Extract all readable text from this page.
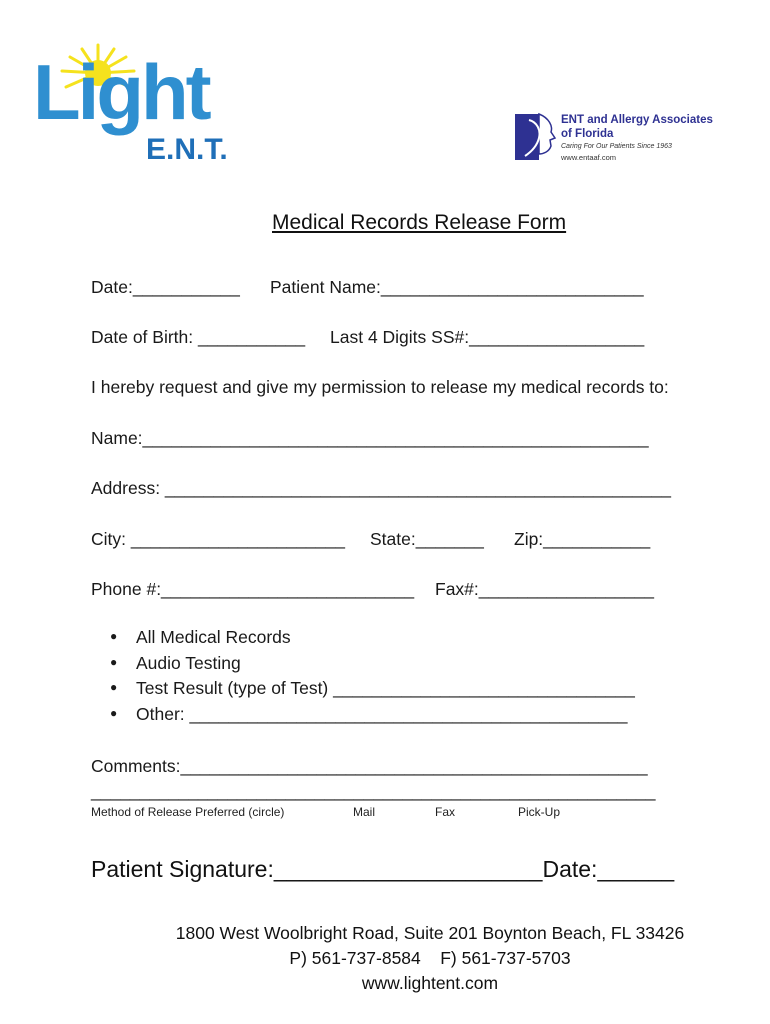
Light
E.N.T.
ENT and Allergy Associates
of Florida
Caring For Our Patients Since 1963
www.entaaf.com
Medical Records Release Form
Date:___________ Patient Name:___________________________
Date of Birth: ___________ Last 4 Digits SS#:__________________
I hereby request and give my permission to release my medical records to:
Name:____________________________________________________
Address: ____________________________________________________
City: ______________________ State:_______ Zip:___________
Phone #:__________________________ Fax#:__________________
● All Medical Records
● Audio Testing
● Test Result (type of Test) _______________________________
● Other: _____________________________________________
Comments:________________________________________________
__________________________________________________________
Method of Release Preferred (circle)	Mail	Fax	Pick-Up
Patient Signature:_____________________Date:______
1800 West Woolbright Road, Suite 201 Boynton Beach, FL 33426
P) 561-737-8584    F) 561-737-5703
www.lightent.com
